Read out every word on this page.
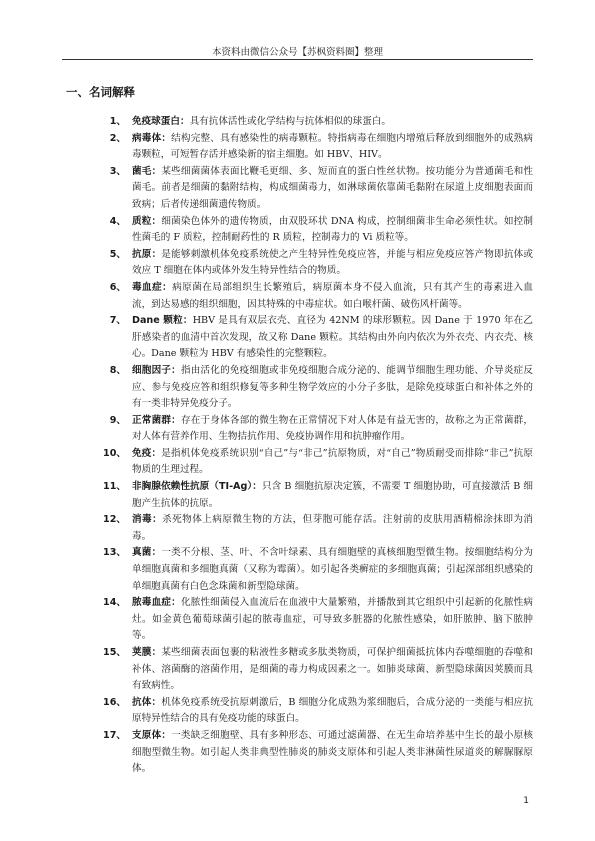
本资料由微信公众号【苏枫资料圈】整理
一、名词解释
1、 免疫球蛋白：具有抗体活性或化学结构与抗体相似的球蛋白。
2、 病毒体：结构完整、具有感染性的病毒颗粒。特指病毒在细胞内增殖后释放到细胞外的成熟病毒颗粒，可短暂存活并感染新的宿主细胞。如 HBV、HIV。
3、 菌毛：某些细菌菌体表面比鞭毛更细、多、短而直的蛋白性丝状物。按功能分为普通菌毛和性菌毛。前者是细菌的黏附结构，构成细菌毒力，如淋球菌依靠菌毛黏附在尿道上皮细胞表面而致病；后者传递细菌遗传物质。
4、 质粒：细菌染色体外的遗传物质，由双股环状 DNA 构成，控制细菌非生命必须性状。如控制性菌毛的 F 质粒，控制耐药性的 R 质粒，控制毒力的 Vi 质粒等。
5、 抗原：是能够刺激机体免疫系统使之产生特异性免疫应答，并能与相应免疫应答产物即抗体或效应 T 细胞在体内或体外发生特异性结合的物质。
6、 毒血症：病原菌在局部组织生长繁殖后，病原菌本身不侵入血流，只有其产生的毒素进入血流，到达易感的组织细胞，因其特殊的中毒症状。如白喉杆菌、破伤风杆菌等。
7、 Dane 颗粒：HBV 是具有双层衣壳、直径为 42NM 的球形颗粒。因 Dane 于 1970 年在乙肝感染者的血清中首次发现，故又称 Dane 颗粒。其结构由外向内依次为外衣壳、内衣壳、核心。Dane 颗粒为 HBV 有感染性的完整颗粒。
8、 细胞因子：指由活化的免疫细胞或非免疫细胞合成分泌的、能调节细胞生理功能、介导炎症反应、参与免疫应答和组织修复等多种生物学效应的小分子多肽，是除免疫球蛋白和补体之外的有一类非特异免疫分子。
9、 正常菌群：存在于身体各部的微生物在正常情况下对人体是有益无害的，故称之为正常菌群，对人体有营养作用、生物拮抗作用、免疫协调作用和抗肿瘤作用。
10、 免疫：是指机体免疫系统识别“自己”与“非己”抗原物质，对“自己”物质耐受而排除“非己”抗原物质的生理过程。
11、 非胸腺依赖性抗原（TI-Ag）：只含 B 细胞抗原决定簇，不需要 T 细胞协助，可直接激活 B 细胞产生抗体的抗原。
12、 消毒：杀死物体上病原微生物的方法，但芽胞可能存活。注射前的皮肤用酒精棉涂抹即为消毒。
13、 真菌：一类不分根、茎、叶、不含叶绿素、具有细胞壁的真核细胞型微生物。按细胞结构分为单细胞真菌和多细胞真菌（又称为霉菌）。如引起各类癣症的多细胞真菌；引起深部组织感染的单细胞真菌有白色念珠菌和新型隐球菌。
14、 脓毒血症：化脓性细菌侵入血流后在血液中大量繁殖，并播散到其它组织中引起新的化脓性病灶。如金黄色葡萄球菌引起的脓毒血症，可导致多脏器的化脓性感染，如肝脓肿、脑下脓肿等。
15、 荚膜：某些细菌表面包裹的粘液性多糖或多肽类物质，可保护细菌抵抗体内吞噬细胞的吞噬和补体、溶菌酶的溶菌作用，是细菌的毒力构成因素之一。如肺炎球菌、新型隐球菌因荚膜而具有致病性。
16、 抗体：机体免疫系统受抗原刺激后，B 细胞分化成熟为浆细胞后，合成分泌的一类能与相应抗原特异性结合的具有免疫功能的球蛋白。
17、 支原体：一类缺乏细胞壁、具有多种形态、可通过滤菌器、在无生命培养基中生长的最小原核细胞型微生物。如引起人类非典型性肺炎的肺炎支原体和引起人类非淋菌性尿道炎的解脲脲原体。
1
